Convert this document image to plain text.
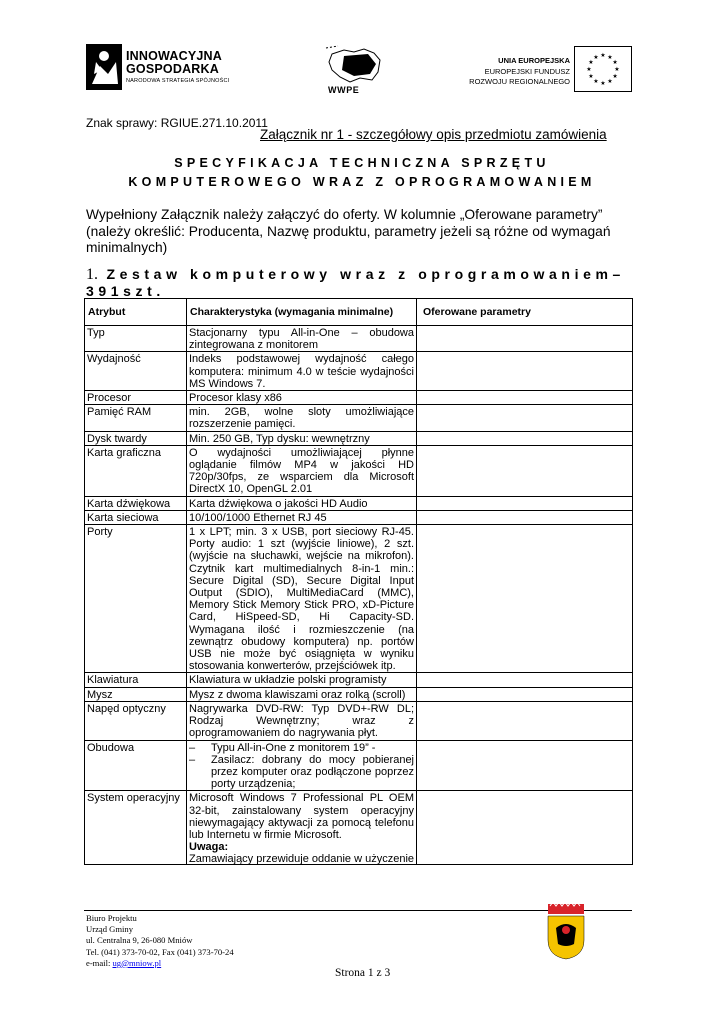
INNOWACYJNA
GOSPODARKA
NARODOWA STRATEGIA SPÓJNOŚCI
WWPE
UNIA EUROPEJSKA
EUROPEJSKI FUNDUSZ
ROZWOJU REGIONALNEGO
★ ★
★
★
★
★
★
★
★
★
★
★
Znak sprawy: RGIUE.271.10.2011
Załącznik nr 1 - szczegółowy opis przedmiotu zamówienia
SPECYFIKACJA TECHNICZNA SPRZĘTU
KOMPUTEROWEGO WRAZ Z OPROGRAMOWANIEM
Wypełniony Załącznik należy załączyć do oferty. W kolumnie „Oferowane parametry” (należy określić: Producenta, Nazwę produktu, parametry jeżeli są różne od wymagań minimalnych)
1. Zestaw komputerowy wraz z oprogramowaniem– 391szt.
Atrybut	Charakterystyka (wymagania minimalne)	Oferowane parametry
Typ	Stacjonarny typu All-in-One – obudowa zintegrowana z monitorem	
Wydajność	Indeks podstawowej wydajność całego komputera: minimum 4.0 w teście wydajności MS Windows 7.	
Procesor	Procesor klasy x86	
Pamięć RAM	min. 2GB, wolne sloty umożliwiające rozszerzenie pamięci.	
Dysk twardy	Min. 250 GB, Typ dysku: wewnętrzny	
Karta graficzna	O wydajności umożliwiającej płynne oglądanie filmów MP4 w jakości HD 720p/30fps, ze wsparciem dla Microsoft DirectX 10, OpenGL 2.01	
Karta dźwiękowa	Karta dźwiękowa o jakości HD Audio	
Karta sieciowa	10/100/1000 Ethernet RJ 45	
Porty	1 x LPT; min. 3 x USB, port sieciowy RJ-45. Porty audio: 1 szt (wyjście liniowe), 2 szt. (wyjście na słuchawki, wejście na mikrofon). Czytnik kart multimedialnych 8-in-1 min.: Secure Digital (SD), Secure Digital Input Output (SDIO), MultiMediaCard (MMC), Memory Stick Memory Stick PRO, xD-Picture Card, HiSpeed-SD, Hi Capacity-SD. Wymagana ilość i rozmieszczenie (na zewnątrz obudowy komputera) np. portów USB nie może być osiągnięta w wyniku stosowania konwerterów, przejściówek itp.	
Klawiatura	Klawiatura w układzie polski programisty	
Mysz	Mysz z dwoma klawiszami oraz rolką (scroll)	
Napęd optyczny	Nagrywarka DVD-RW: Typ DVD+-RW DL; Rodzaj Wewnętrzny; wraz z oprogramowaniem do nagrywania płyt.	
Obudowa	– Typu All-in-One z monitorem 19” -
– Zasilacz: dobrany do mocy pobieranej przez komputer oraz podłączone poprzez porty urządzenia;	

System operacyjny	Microsoft Windows 7 Professional PL OEM 32-bit, zainstalowany system operacyjny niewymagający aktywacji za pomocą telefonu lub Internetu w firmie Microsoft.
Uwaga:
Zamawiający przewiduje oddanie w użyczenie	

Biuro Projektu
Urząd Gminy
ul. Centralna 9, 26-080 Mniów
Tel. (041) 373-70-02, Fax (041) 373-70-24
e-mail: ug@mniow.pl
Strona 1 z 3
